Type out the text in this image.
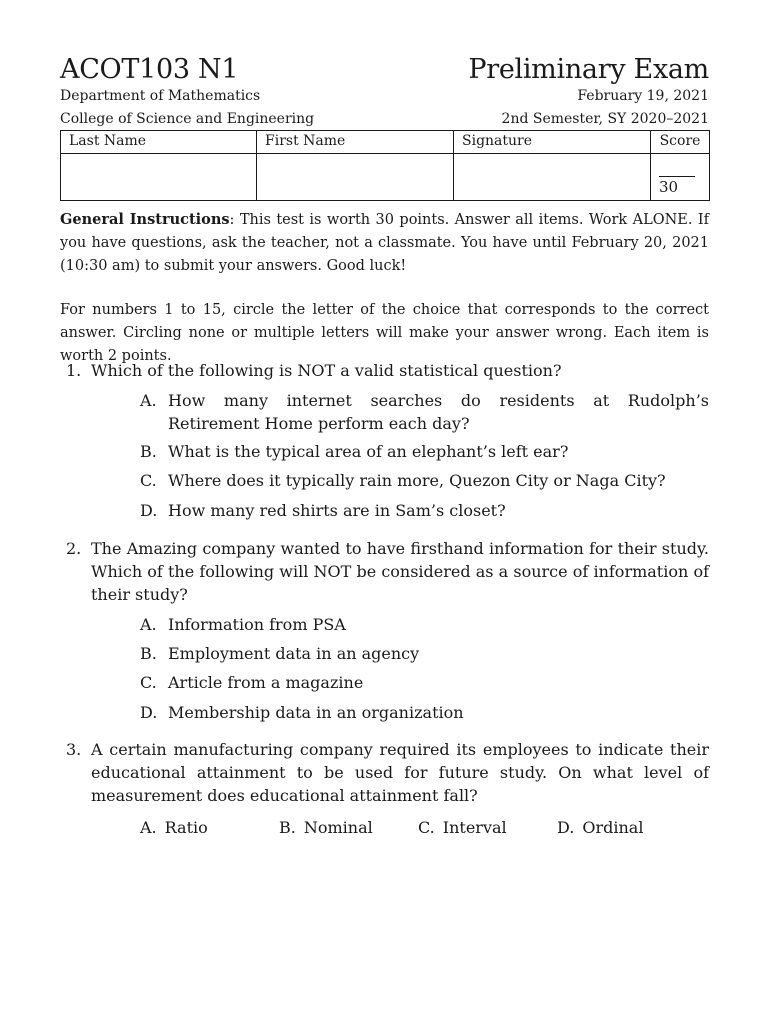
ACOT103 N1	Preliminary Exam
Department of Mathematics	February 19, 2021
College of Science and Engineering	2nd Semester, SY 2020–2021
Last Name	First Name	Signature	Score
			30
General Instructions: This test is worth 30 points. Answer all items. Work ALONE. If you have questions, ask the teacher, not a classmate. You have until February 20, 2021 (10:30 am) to submit your answers. Good luck!
For numbers 1 to 15, circle the letter of the choice that corresponds to the correct answer. Circling none or multiple letters will make your answer wrong. Each item is worth 2 points.
1. Which of the following is NOT a valid statistical question?
A. How many internet searches do residents at Rudolph’s Retirement Home perform each day?
B. What is the typical area of an elephant’s left ear?
C. Where does it typically rain more, Quezon City or Naga City?
D. How many red shirts are in Sam’s closet?
2. The Amazing company wanted to have firsthand information for their study. Which of the following will NOT be considered as a source of information of their study?
A. Information from PSA
B. Employment data in an agency
C. Article from a magazine
D. Membership data in an organization
3. A certain manufacturing company required its employees to indicate their educational attainment to be used for future study. On what level of measurement does educational attainment fall?
A. Ratio	B. Nominal	C. Interval	D. Ordinal
